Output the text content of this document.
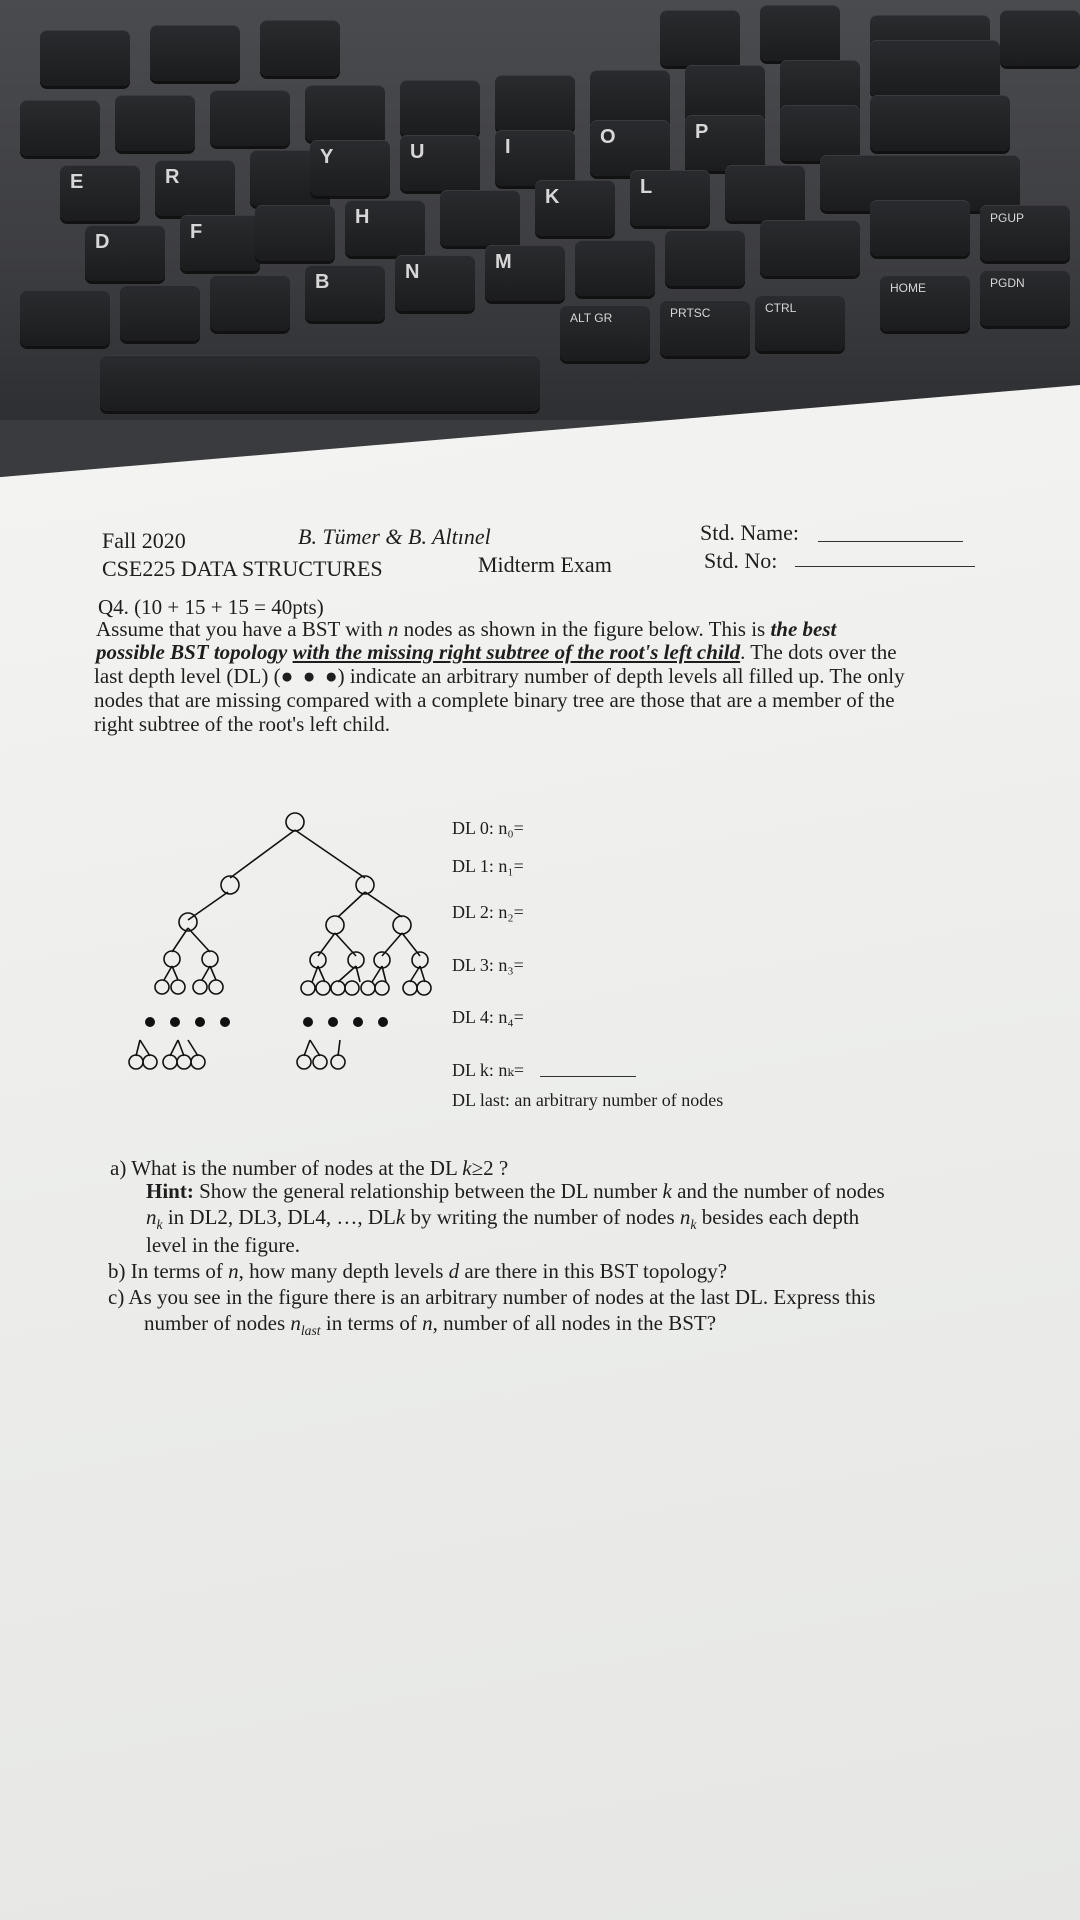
E	R
Y	U	I	O	P
D	F
H
K	L
B	N	M
PGUP
ALT GR	PRTSC	CTRL
HOME	PGDN
Fall 2020	B. Tümer & B. Altınel	Std. Name:
CSE225 DATA STRUCTURES	Midterm Exam	Std. No:
Q4. (10 + 15 + 15 = 40pts)
Assume that you have a BST with n nodes as shown in the figure below. This is the best
possible BST topology with the missing right subtree of the root's left child. The dots over the
last depth level (DL) (●  ●  ●) indicate an arbitrary number of depth levels all filled up. The only
nodes that are missing compared with a complete binary tree are those that are a member of the
right subtree of the root's left child.
DL 0: n₀=
DL 1: n₁=
DL 2: n₂=
DL 3: n₃=
DL 4: n₄=
DL k: nₖ=
DL last: an arbitrary number of nodes
a) What is the number of nodes at the DL k≥2 ?
Hint: Show the general relationship between the DL number k and the number of nodes
$n_k$ in DL2, DL3, DL4, …, DLk by writing the number of nodes $n_k$ besides each depth
level in the figure.
b) In terms of n, how many depth levels d are there in this BST topology?
c) As you see in the figure there is an arbitrary number of nodes at the last DL. Express this
number of nodes $n_{last}$ in terms of n, number of all nodes in the BST?
